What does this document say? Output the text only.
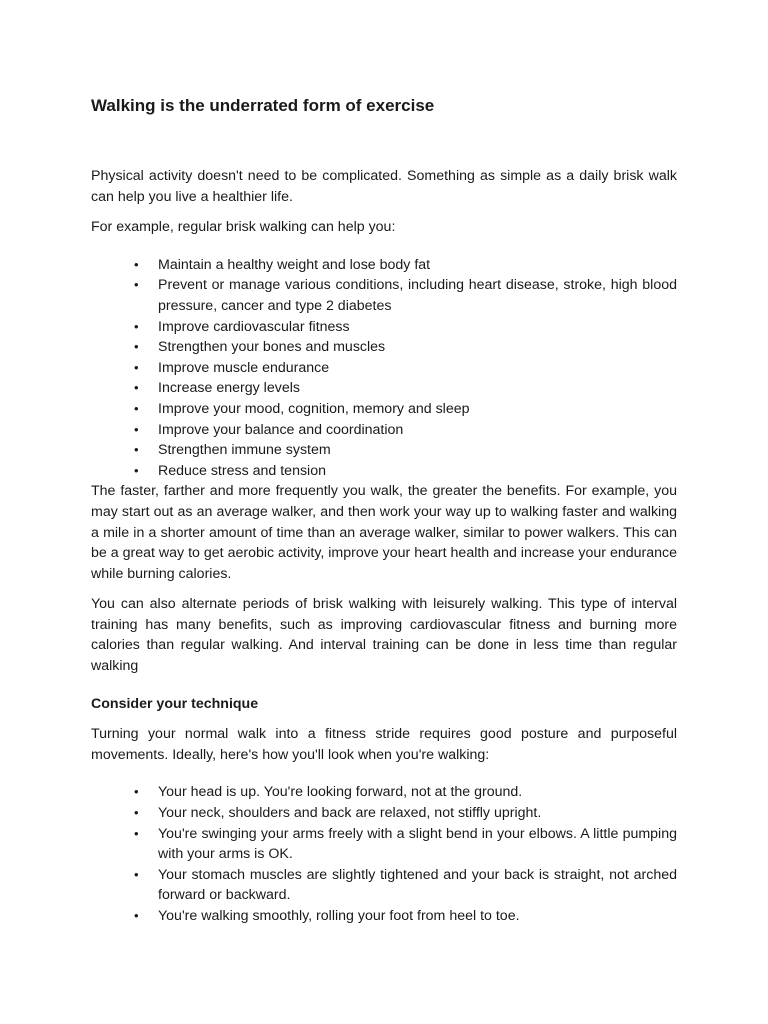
Walking is the underrated form of exercise

Physical activity doesn't need to be complicated. Something as simple as a daily brisk walk can help you live a healthier life.

For example, regular brisk walking can help you:

• Maintain a healthy weight and lose body fat
• Prevent or manage various conditions, including heart disease, stroke, high blood pressure, cancer and type 2 diabetes
• Improve cardiovascular fitness
• Strengthen your bones and muscles
• Improve muscle endurance
• Increase energy levels
• Improve your mood, cognition, memory and sleep
• Improve your balance and coordination
• Strengthen immune system
• Reduce stress and tension

The faster, farther and more frequently you walk, the greater the benefits. For example, you may start out as an average walker, and then work your way up to walking faster and walking a mile in a shorter amount of time than an average walker, similar to power walkers. This can be a great way to get aerobic activity, improve your heart health and increase your endurance while burning calories.

You can also alternate periods of brisk walking with leisurely walking. This type of interval training has many benefits, such as improving cardiovascular fitness and burning more calories than regular walking. And interval training can be done in less time than regular walking

Consider your technique

Turning your normal walk into a fitness stride requires good posture and purposeful movements. Ideally, here's how you'll look when you're walking:

• Your head is up. You're looking forward, not at the ground.
• Your neck, shoulders and back are relaxed, not stiffly upright.
• You're swinging your arms freely with a slight bend in your elbows. A little pumping with your arms is OK.
• Your stomach muscles are slightly tightened and your back is straight, not arched forward or backward.
• You're walking smoothly, rolling your foot from heel to toe.
